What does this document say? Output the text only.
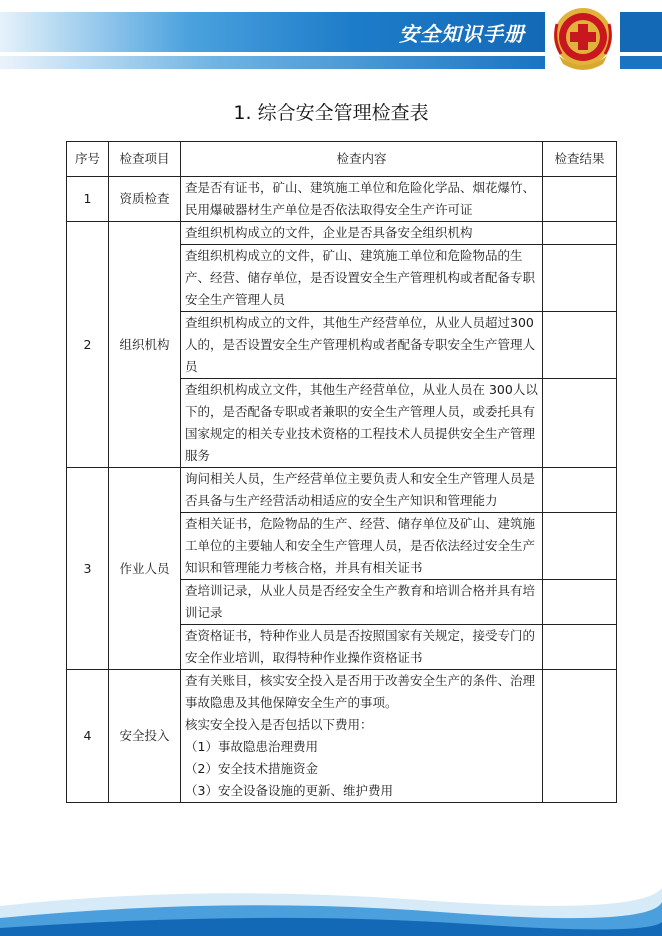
安全知识手册
1. 综合安全管理检查表
序号	检查项目	检查内容	检查结果
1	资质检查	查是否有证书，矿山、建筑施工单位和危险化学品、烟花爆竹、民用爆破器材生产单位是否依法取得安全生产许可证	

2	组织机构	查组织机构成立的文件，企业是否具备安全组织机构	

		查组织机构成立的文件，矿山、建筑施工单位和危险物品的生产、经营、储存单位，是否设置安全生产管理机构或者配备专职安全生产管理人员	

		查组织机构成立的文件，其他生产经营单位，从业人员超过300 人的，是否设置安全生产管理机构或者配备专职安全生产管理人员	

		查组织机构成立文件，其他生产经营单位，从业人员在 300人以下的，是否配备专职或者兼职的安全生产管理人员，或委托具有国家规定的相关专业技术资格的工程技术人员提供安全生产管理服务	

3	作业人员	询问相关人员，生产经营单位主要负责人和安全生产管理人员是否具备与生产经营活动相适应的安全生产知识和管理能力	

		查相关证书，危险物品的生产、经营、储存单位及矿山、建筑施工单位的主要轴人和安全生产管理人员，是否依法经过安全生产知识和管理能力考核合格，并具有相关证书	

		查培训记录，从业人员是否经安全生产教育和培训合格并具有培训记录	

		查资格证书，特种作业人员是否按照国家有关规定，接受专门的安全作业培训，取得特种作业操作资格证书	

4	安全投入	查有关账目，核实安全投入是否用于改善安全生产的条件、治理事故隐患及其他保障安全生产的事项。
核实安全投入是否包括以下费用：
（1）事故隐患治理费用
（2）安全技术措施资金
（3）安全设备设施的更新、维护费用	
